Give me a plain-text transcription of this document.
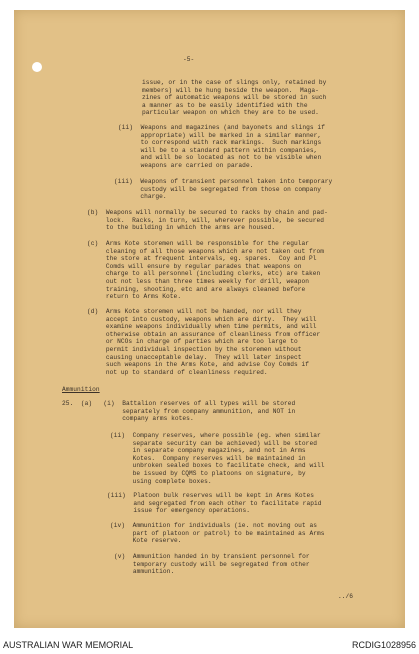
-5-
issue, or in the case of slings only, retained by
members) will be hung beside the weapon.  Maga-
zines of automatic weapons will be stored in such
a manner as to be easily identified with the
particular weapon on which they are to be used.
(ii)  Weapons and magazines (and bayonets and slings if
appropriate) will be marked in a similar manner,
to correspond with rack markings.  Such markings
will be to a standard pattern within companies,
and will be so located as not to be visible when
weapons are carried on parade.
(iii)  Weapons of transient personnel taken into temporary
custody will be segregated from those on company
charge.
(b)  Weapons will normally be secured to racks by chain and pad-
lock.  Racks, in turn, will, wherever possible, be secured
to the building in which the arms are housed.
(c)  Arms Kote storemen will be responsible for the regular
cleaning of all those weapons which are not taken out from
the store at frequent intervals, eg. spares.  Coy and Pl
Comds will ensure by regular parades that weapons on
charge to all personnel (including clerks, etc) are taken
out not less than three times weekly for drill, weapon
training, shooting, etc and are always cleaned before
return to Arms Kote.
(d)  Arms Kote storemen will not be handed, nor will they
accept into custody, weapons which are dirty.  They will
examine weapons individually when time permits, and will
otherwise obtain an assurance of cleanliness from officer
or NCOs in charge of parties which are too large to
permit individual inspection by the storemen without
causing unacceptable delay.  They will later inspect
such weapons in the Arms Kote, and advise Coy Comds if
not up to standard of cleanliness required.
Ammunition
25.  (a)   (i)  Battalion reserves of all types will be stored
separately from company ammunition, and NOT in
company arms kotes.
(ii)  Company reserves, where possible (eg. when similar
separate security can be achieved) will be stored
in separate company magazines, and not in Arms
Kotes.  Company reserves will be maintained in
unbroken sealed boxes to facilitate check, and will
be issued by CQMS to platoons on signature, by
using complete boxes.
(iii)  Platoon bulk reserves will be kept in Arms Kotes
and segregated from each other to facilitate rapid
issue for emergency operations.
(iv)  Ammunition for individuals (ie. not moving out as
part of platoon or patrol) to be maintained as Arms
Kote reserve.
(v)  Ammunition handed in by transient personnel for
temporary custody will be segregated from other
ammunition.
../6
AUSTRALIAN WAR MEMORIAL	RCDIG1028956
